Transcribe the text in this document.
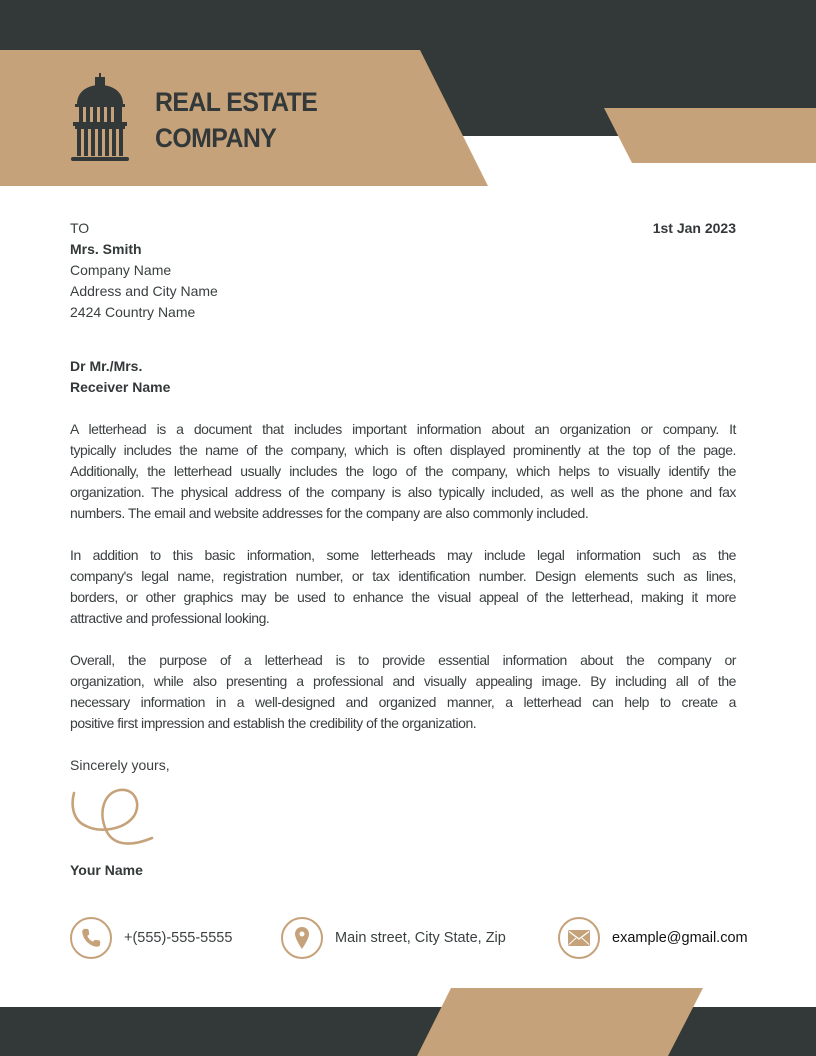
REAL ESTATE
COMPANY
TO
Mrs. Smith
Company Name
Address and City Name
2424 Country Name
1st Jan 2023
Dr Mr./Mrs.
Receiver Name
A letterhead is a document that includes important information about an organization or company. It
typically includes the name of the company, which is often displayed prominently at the top of the page.
Additionally, the letterhead usually includes the logo of the company, which helps to visually identify the
organization. The physical address of the company is also typically included, as well as the phone and fax
numbers. The email and website addresses for the company are also commonly included.
In addition to this basic information, some letterheads may include legal information such as the
company's legal name, registration number, or tax identification number. Design elements such as lines,
borders, or other graphics may be used to enhance the visual appeal of the letterhead, making it more
attractive and professional looking.
Overall, the purpose of a letterhead is to provide essential information about the company or
organization, while also presenting a professional and visually appealing image. By including all of the
necessary information in a well-designed and organized manner, a letterhead can help to create a
positive first impression and establish the credibility of the organization.
Sincerely yours,
Your Name
+(555)-555-5555	Main street, City State, Zip	example@gmail.com
